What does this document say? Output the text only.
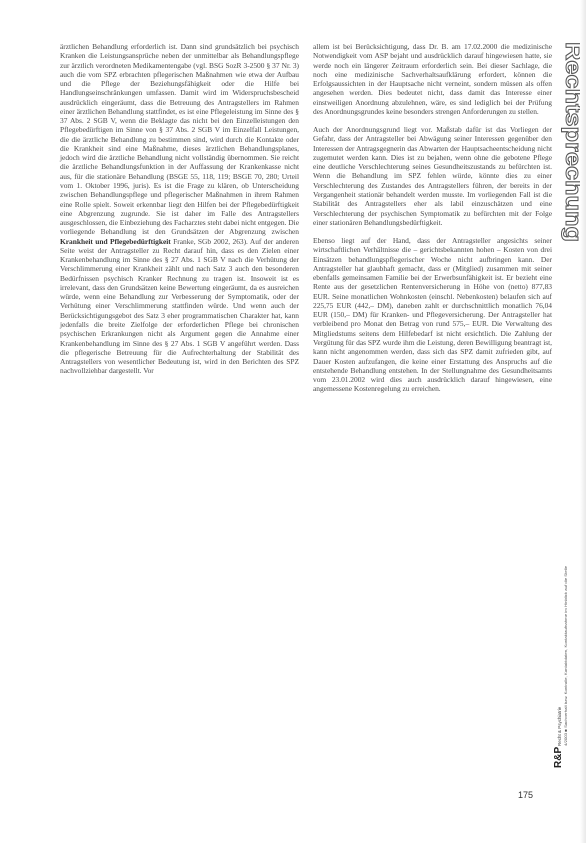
ärztlichen Behandlung erforderlich ist. Dann sind grundsätzlich bei psychisch Kranken die Leistungsansprüche neben der unmittelbar als Behandlungspflege zur ärztlich verordneten Medikamentengabe (vgl. BSG SozR 3-2500 § 37 Nr. 3) auch die vom SPZ erbrachten pflegerischen Maßnahmen wie etwa der Aufbau und die Pflege der Beziehungsfähigkeit oder die Hilfe bei Handlungseinschränkungen umfassen. Damit wird im Widerspruchsbescheid ausdrücklich eingeräumt, dass die Betreuung des Antragstellers im Rahmen einer ärztlichen Behandlung stattfindet, es ist eine Pflegeleistung im Sinne des § 37 Abs. 2 SGB V, wenn die Beklagte das nicht bei den Einzelleistungen den Pflegebedürftigen im Sinne von § 37 Abs. 2 SGB V im Einzelfall Leistungen, die die ärztliche Behandlung zu bestimmen sind, wird durch die Kontakte oder die Krankheit sind eine Maßnahme, dieses ärztlichen Behandlungsplanes, jedoch wird die ärztliche Behandlung nicht vollständig übernommen. Sie reicht die ärztliche Behandlungsfunktion in der Auffassung der Krankenkasse nicht aus, für die stationäre Behandlung (BSGE 55, 118, 119; BSGE 70, 280; Urteil vom 1. Oktober 1996, juris). Es ist die Frage zu klären, ob Unterscheidung zwischen Behandlungspflege und pflegerischer Maßnahmen in ihrem Rahmen eine Rolle spielt. Soweit erkennbar liegt den Hilfen bei der Pflegebedürftigkeit eine Abgrenzung zugrunde. Sie ist daher im Falle des Antragstellers ausgeschlossen, die Einbeziehung des Facharztes steht dabei nicht entgegen. Die vorliegende Behandlung ist den Grundsätzen der Abgrenzung zwischen Krankheit und Pflegebedürftigkeit Franke, SGb 2002, 263). Auf der anderen Seite weist der Antragsteller zu Recht darauf hin, dass es den Zielen einer Krankenbehandlung im Sinne des § 27 Abs. 1 SGB V nach die Verhütung der Verschlimmerung einer Krankheit zählt und nach Satz 3 auch den besonderen Bedürfnissen psychisch Kranker Rechnung zu tragen ist. Insoweit ist es irrelevant, dass den Grundsätzen keine Bewertung eingeräumt, da es ausreichen würde, wenn eine Behandlung zur Verbesserung der Symptomatik, oder der Verhütung einer Verschlimmerung stattfinden würde. Und wenn auch der Berücksichtigungsgebot des Satz 3 eher programmatischen Charakter hat, kann jedenfalls die breite Zielfolge der erforderlichen Pflege bei chronischen psychischen Erkrankungen nicht als Argument gegen die Annahme einer Krankenbehandlung im Sinne des § 27 Abs. 1 SGB V angeführt werden. Dass die pflegerische Betreuung für die Aufrechterhaltung der Stabilität des Antragstellers von wesentlicher Bedeutung ist, wird in den Berichten des SPZ nachvollziehbar dargestellt. Vor

allem ist bei Berücksichtigung, dass Dr. B. am 17.02.2000 die medizinische Notwendigkeit vom ASP bejaht und ausdrücklich darauf hingewiesen hatte, sie werde noch ein längerer Zeitraum erforderlich sein. Bei dieser Sachlage, die noch eine medizinische Sachverhaltsaufklärung erfordert, können die Erfolgsaussichten in der Hauptsache nicht verneint, sondern müssen als offen angesehen werden. Dies bedeutet nicht, dass damit das Interesse einer einstweiligen Anordnung abzulehnen, wäre, es sind lediglich bei der Prüfung des Anordnungsgrundes keine besonders strengen Anforderungen zu stellen.

Auch der Anordnungsgrund liegt vor. Maßstab dafür ist das Vorliegen der Gefahr, dass der Antragsteller bei Abwägung seiner Interessen gegenüber den Interessen der Antragsgegnerin das Abwarten der Hauptsacheentscheidung nicht zugemutet werden kann. Dies ist zu bejahen, wenn ohne die gebotene Pflege eine deutliche Verschlechterung seines Gesundheitszustands zu befürchten ist. Wenn die Behandlung im SPZ fehlen würde, könnte dies zu einer Verschlechterung des Zustandes des Antragstellers führen, der bereits in der Vergangenheit stationär behandelt werden musste. Im vorliegenden Fall ist die Stabilität des Antragstellers eher als labil einzuschätzen und eine Verschlechterung der psychischen Symptomatik zu befürchten mit der Folge einer stationären Behandlungsbedürftigkeit.

Ebenso liegt auf der Hand, dass der Antragsteller angesichts seiner wirtschaftlichen Verhältnisse die – gerichtsbekannten hohen – Kosten von drei Einsätzen behandlungspflegerischer Woche nicht aufbringen kann. Der Antragsteller hat glaubhaft gemacht, dass er (Mitglied) zusammen mit seiner ebenfalls gemeinsamen Familie bei der Erwerbsunfähigkeit ist. Er bezieht eine Rente aus der gesetzlichen Rentenversicherung in Höhe von (netto) 877,83 EUR. Seine monatlichen Wohnkosten (einschl. Nebenkosten) belaufen sich auf 225,75 EUR (442,– DM), daneben zahlt er durchschnittlich monatlich 76,04 EUR (150,– DM) für Kranken- und Pflegeversicherung. Der Antragsteller hat verbleibend pro Monat den Betrag von rund 575,– EUR. Die Verwaltung des Mitgliedstums seitens dem Hilfebedarf ist nicht ersichtlich. Die Zahlung der Vergütung für das SPZ wurde ihm die Leistung, deren Bewilligung beantragt ist, kann nicht angenommen werden, dass sich das SPZ damit zufrieden gibt, auf Dauer Kosten aufzufangen, die keine einer Erstattung des Anspruchs auf die entstehende Behandlung entstehen. In der Stellungnahme des Gesundheitsamts vom 23.01.2002 wird dies auch ausdrücklich darauf hingewiesen, eine angemessene Kostenregelung zu erreichen.

Rechtsprechung
R&P
Recht & Psychiatrie 4/2003 ■ Sachverhalt bzw. Kontrolle, Kontaktdaten, Kontaktaufnahme im Hinblick auf die Stelle
175
